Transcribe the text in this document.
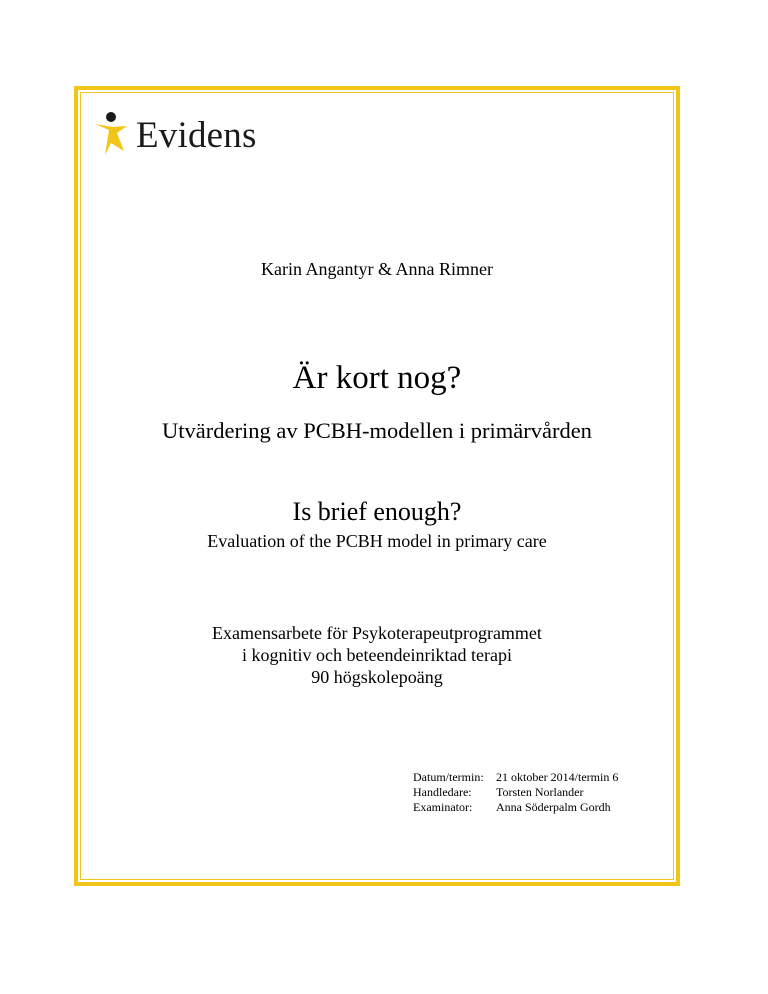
Evidens
Karin Angantyr & Anna Rimner
Är kort nog?
Utvärdering av PCBH-modellen i primärvården
Is brief enough?
Evaluation of the PCBH model in primary care
Examensarbete för Psykoterapeutprogrammet
i kognitiv och beteendeinriktad terapi
90 högskolepoäng
Datum/termin:	21 oktober 2014/termin 6
Handledare:	Torsten Norlander
Examinator:	Anna Söderpalm Gordh
